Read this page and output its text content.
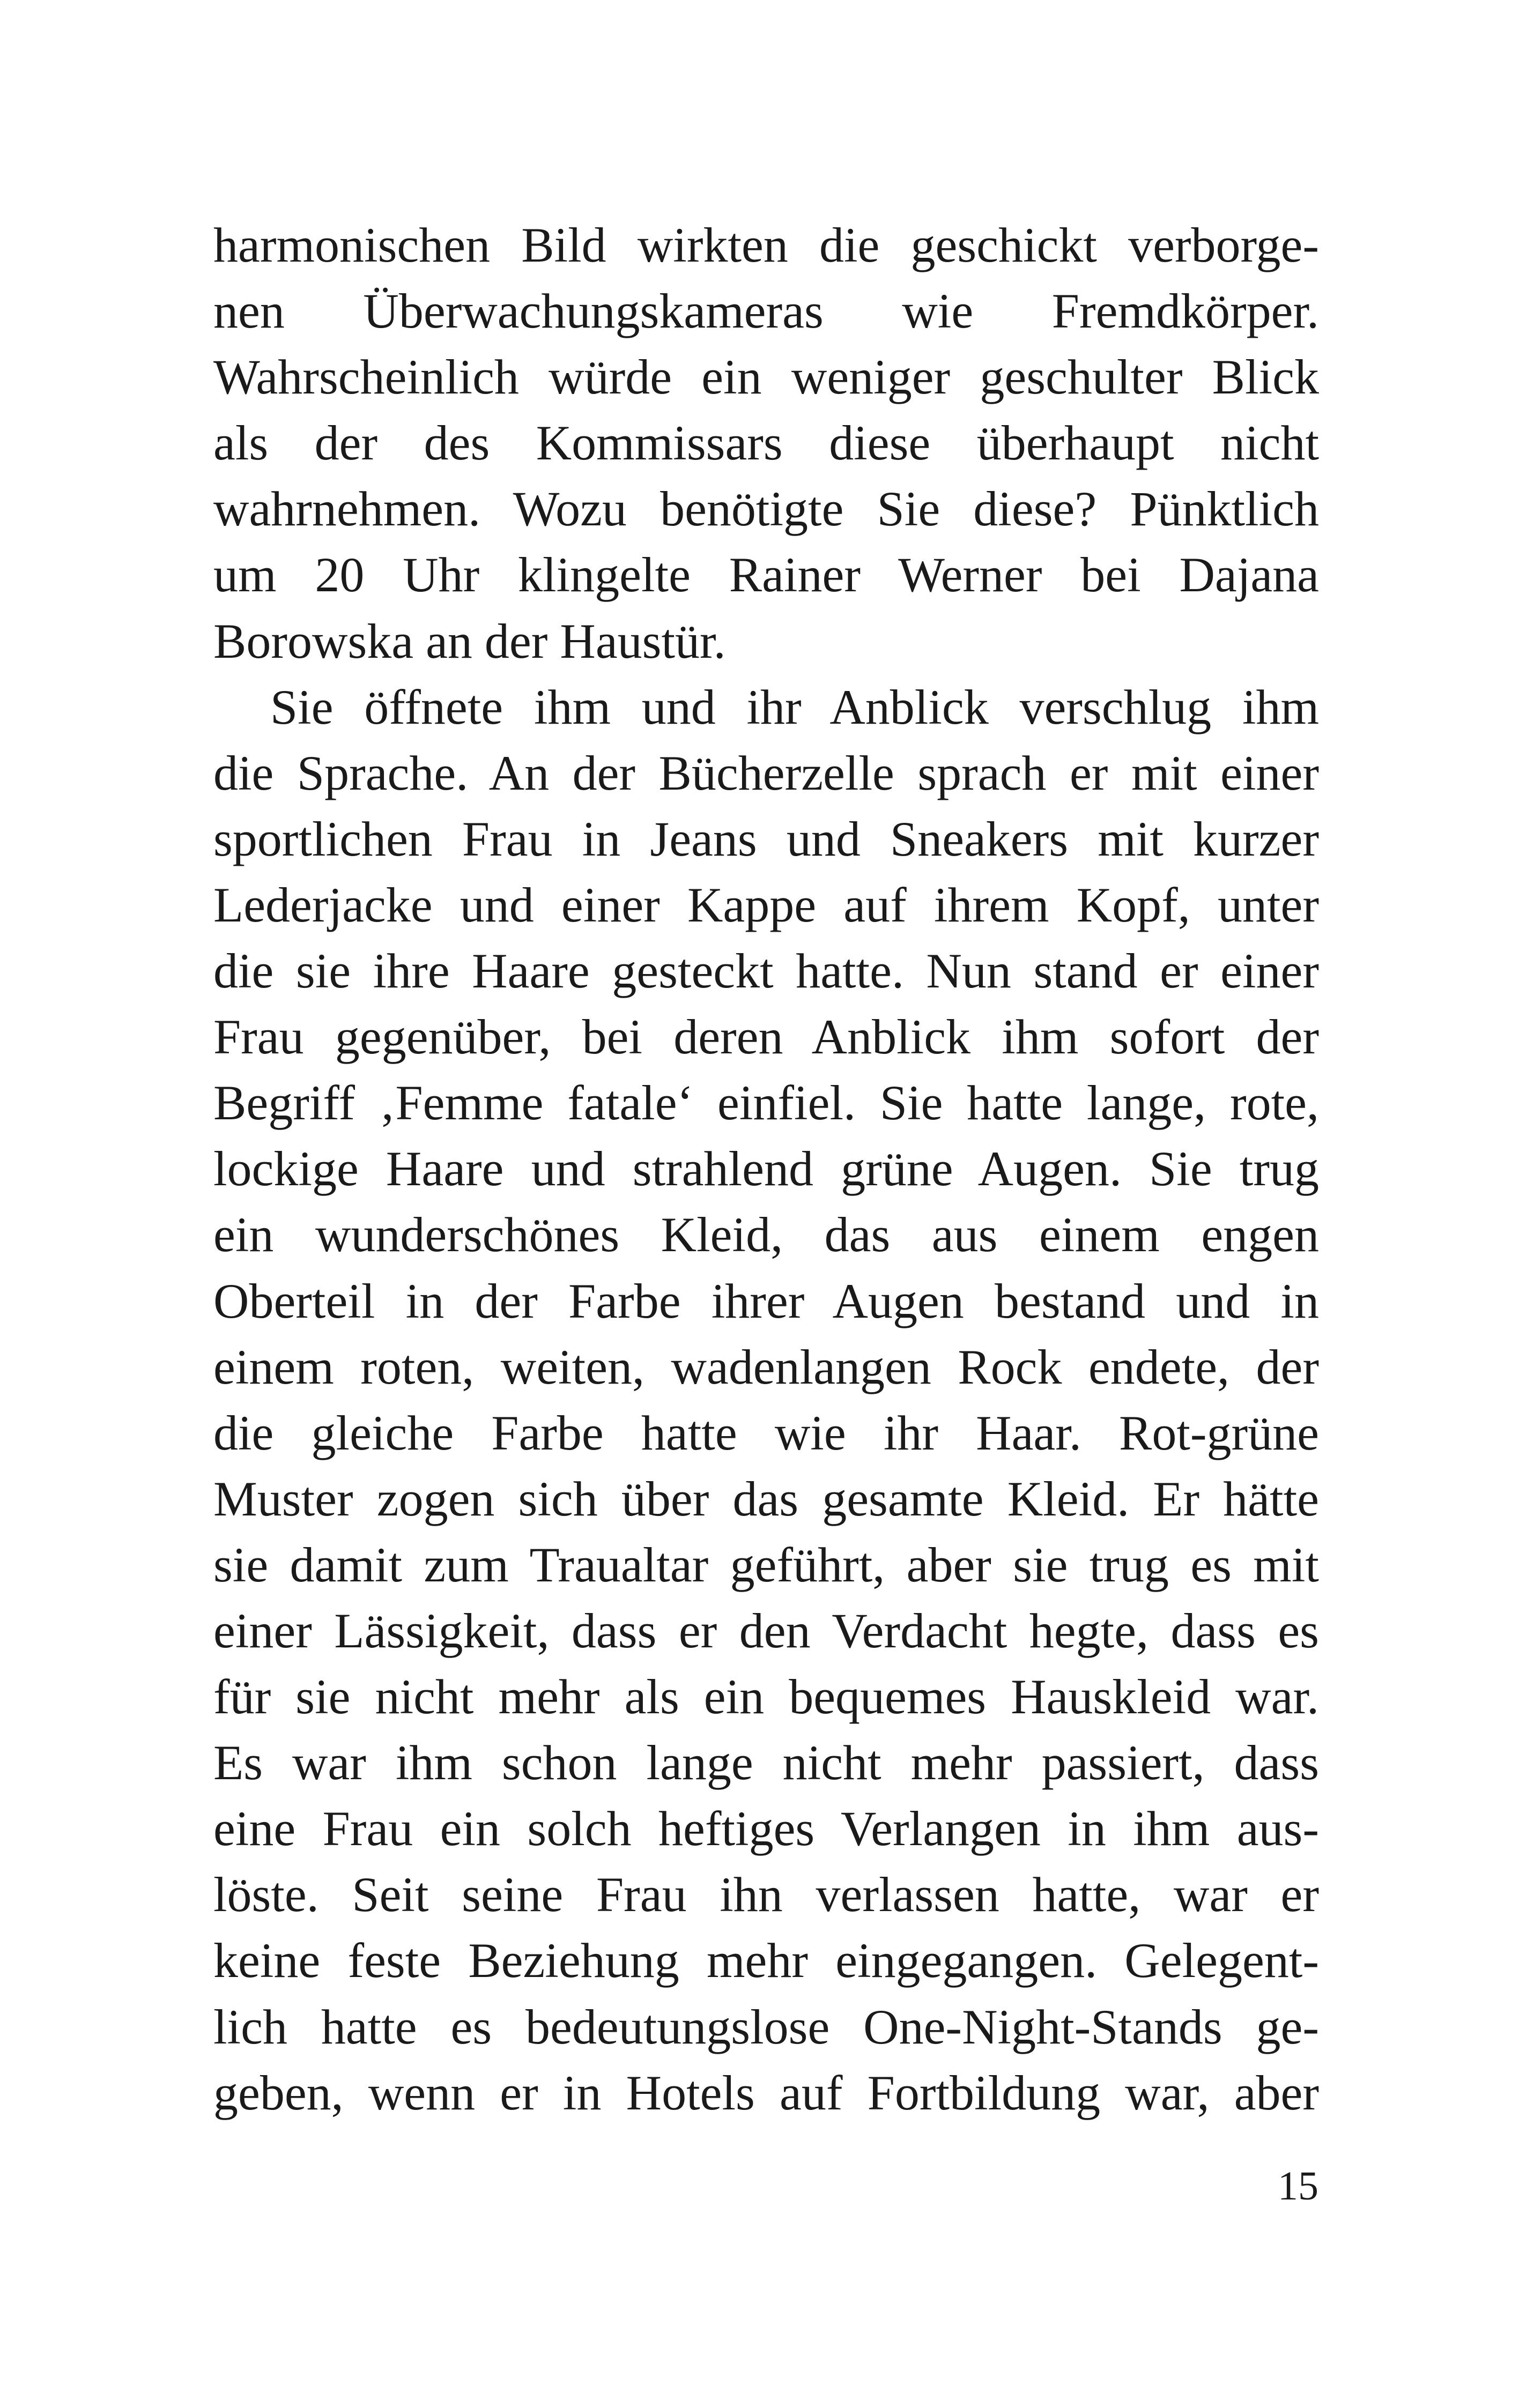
harmonischen Bild wirkten die geschickt verborge-
nen Überwachungskameras wie Fremdkörper.
Wahrscheinlich würde ein weniger geschulter Blick
als der des Kommissars diese überhaupt nicht
wahrnehmen. Wozu benötigte Sie diese? Pünktlich
um 20 Uhr klingelte Rainer Werner bei Dajana
Borowska an der Haustür.
Sie öffnete ihm und ihr Anblick verschlug ihm
die Sprache. An der Bücherzelle sprach er mit einer
sportlichen Frau in Jeans und Sneakers mit kurzer
Lederjacke und einer Kappe auf ihrem Kopf, unter
die sie ihre Haare gesteckt hatte. Nun stand er einer
Frau gegenüber, bei deren Anblick ihm sofort der
Begriff ‚Femme fatale‘ einfiel. Sie hatte lange, rote,
lockige Haare und strahlend grüne Augen. Sie trug
ein wunderschönes Kleid, das aus einem engen
Oberteil in der Farbe ihrer Augen bestand und in
einem roten, weiten, wadenlangen Rock endete, der
die gleiche Farbe hatte wie ihr Haar. Rot-grüne
Muster zogen sich über das gesamte Kleid. Er hätte
sie damit zum Traualtar geführt, aber sie trug es mit
einer Lässigkeit, dass er den Verdacht hegte, dass es
für sie nicht mehr als ein bequemes Hauskleid war.
Es war ihm schon lange nicht mehr passiert, dass
eine Frau ein solch heftiges Verlangen in ihm aus-
löste. Seit seine Frau ihn verlassen hatte, war er
keine feste Beziehung mehr eingegangen. Gelegent-
lich hatte es bedeutungslose One-Night-Stands ge-
geben, wenn er in Hotels auf Fortbildung war, aber
15
